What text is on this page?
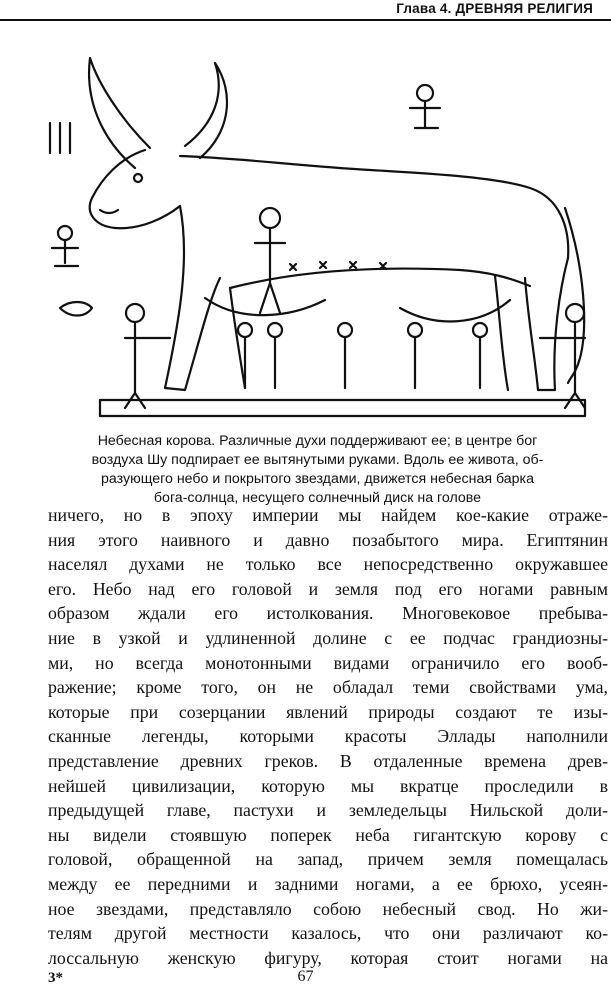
Глава 4. ДРЕВНЯЯ РЕЛИГИЯ
Небесная корова. Различные духи поддерживают ее; в центре бог
воздуха Шу подпирает ее вытянутыми руками. Вдоль ее живота, об-
разующего небо и покрытого звездами, движется небесная барка
бога-солнца, несущего солнечный диск на голове
ничего, но в эпоху империи мы найдем кое-какие отраже-
ния этого наивного и давно позабытого мира. Египтянин
населял духами не только все непосредственно окружавшее
его. Небо над его головой и земля под его ногами равным
образом ждали его истолкования. Многовековое пребыва-
ние в узкой и удлиненной долине с ее подчас грандиозны-
ми, но всегда монотонными видами ограничило его вооб-
ражение; кроме того, он не обладал теми свойствами ума,
которые при созерцании явлений природы создают те изы-
сканные легенды, которыми красоты Эллады наполнили
представление древних греков. В отдаленные времена древ-
нейшей цивилизации, которую мы вкратце проследили в
предыдущей главе, пастухи и земледельцы Нильской доли-
ны видели стоявшую поперек неба гигантскую корову с
головой, обращенной на запад, причем земля помещалась
между ее передними и задними ногами, а ее брюхо, усеян-
ное звездами, представляло собою небесный свод. Но жи-
телям другой местности казалось, что они различают ко-
лоссальную женскую фигуру, которая стоит ногами на
3*	67
